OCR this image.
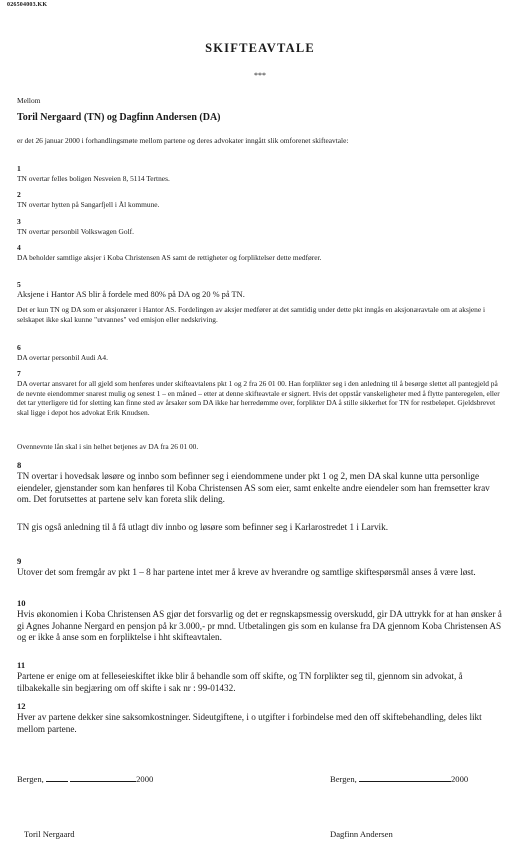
026504003.KK
SKIFTEAVTALE
***
Mellom
Toril Nergaard (TN) og Dagfinn Andersen (DA)
er det 26 januar 2000 i forhandlingsmøte mellom partene og deres advokater inngått slik omforenet skifteavtale:
1
TN overtar felles boligen Nesveien 8, 5114 Tertnes.
2
TN overtar hytten på Sangarfjell i Ål kommune.
3
TN overtar personbil Volkswagen Golf.
4
DA beholder samtlige aksjer i Koba Christensen AS samt de rettigheter og forpliktelser dette medfører.
5
Aksjene i Hantor AS blir å fordele med 80% på DA og 20 % på TN.
Det er kun TN og DA som er aksjonærer i Hantor AS. Fordelingen av aksjer medfører at det samtidig under dette pkt inngås en aksjonæravtale om at aksjene i selskapet ikke skal kunne "utvannes" ved emisjon eller nedskriving.
6
DA overtar personbil Audi A4.
7
DA overtar ansvaret for all gjeld som henføres under skifteavtalens pkt 1 og 2 fra 26 01 00. Han forplikter seg i den anledning til å besørge slettet all pantegjeld på de nevnte eiendommer snarest mulig og senest 1 – en måned – etter at denne skifteavtale er signert. Hvis det oppstår vanskeligheter med å flytte panteregelen, eller det tar ytterligere tid for sletting kan finne sted av årsaker som DA ikke har herredømme over, forplikter DA å stille sikkerhet for TN for restbeløpet. Gjeldsbrevet skal ligge i depot hos advokat Erik Knudsen.
Ovennevnte lån skal i sin helhet betjenes av DA fra 26 01 00.
8
TN overtar i hovedsak løsøre og innbo som befinner seg i eiendommene under pkt 1 og 2, men DA skal kunne utta personlige eiendeler, gjenstander som kan henføres til Koba Christensen AS som eier, samt enkelte andre eiendeler som han fremsetter krav om. Det forutsettes at partene selv kan foreta slik deling.
TN gis også anledning til å få utlagt div innbo og løsøre som befinner seg i Karlarostredet 1 i Larvik.
9
Utover det som fremgår av pkt 1 – 8 har partene intet mer å kreve av hverandre og samtlige skiftespørsmål anses å være løst.
10
Hvis økonomien i Koba Christensen AS gjør det forsvarlig og det er regnskapsmessig overskudd, gir DA uttrykk for at han ønsker å gi Agnes Johanne Nergard en pensjon på kr 3.000,- pr mnd. Utbetalingen gis som en kulanse fra DA gjennom Koba Christensen AS og er ikke å anse som en forpliktelse i hht skifteavtalen.
11
Partene er enige om at felleseieskiftet ikke blir å behandle som off skifte, og TN forplikter seg til, gjennom sin advokat, å tilbakekalle sin begjæring om off skifte i sak nr : 99-01432.
12
Hver av partene dekker sine saksomkostninger. Sideutgiftene, i o utgifter i forbindelse med den off skiftebehandling, deles likt mellom partene.
Bergen,	2000	Bergen,	2000
Toril Nergaard	Dagfinn Andersen
